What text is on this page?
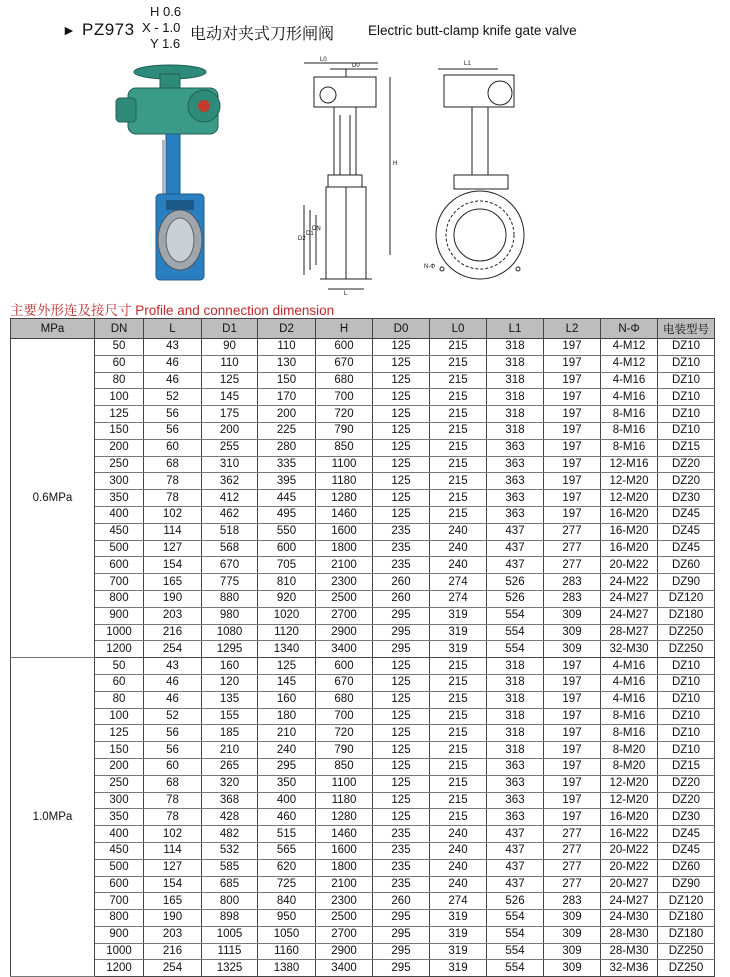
► PZ973
H 0.6
X - 1.0
Y 1.6
电动对夹式刀形闸阀	Electric butt-clamp knife gate valve
L0
D0
H
D2
D1
DN
L
L1
N-Φ
主要外形连及接尺寸 Profile and connection dimension
MPa	DN	L	D1	D2	H	D0	L0	L1	L2	N-Φ	电装型号
0.6MPa	50	43	90	110	600	125	215	318	197	4-M12	DZ10
	60	46	110	130	670	125	215	318	197	4-M12	DZ10
	80	46	125	150	680	125	215	318	197	4-M16	DZ10
	100	52	145	170	700	125	215	318	197	4-M16	DZ10
	125	56	175	200	720	125	215	318	197	8-M16	DZ10
	150	56	200	225	790	125	215	318	197	8-M16	DZ10
	200	60	255	280	850	125	215	363	197	8-M16	DZ15
	250	68	310	335	1100	125	215	363	197	12-M16	DZ20
	300	78	362	395	1180	125	215	363	197	12-M20	DZ20
	350	78	412	445	1280	125	215	363	197	12-M20	DZ30
	400	102	462	495	1460	125	215	363	197	16-M20	DZ45
	450	114	518	550	1600	235	240	437	277	16-M20	DZ45
	500	127	568	600	1800	235	240	437	277	16-M20	DZ45
	600	154	670	705	2100	235	240	437	277	20-M22	DZ60
	700	165	775	810	2300	260	274	526	283	24-M22	DZ90
	800	190	880	920	2500	260	274	526	283	24-M27	DZ120
	900	203	980	1020	2700	295	319	554	309	24-M27	DZ180
	1000	216	1080	1120	2900	295	319	554	309	28-M27	DZ250
	1200	254	1295	1340	3400	295	319	554	309	32-M30	DZ250
1.0MPa	50	43	160	125	600	125	215	318	197	4-M16	DZ10
	60	46	120	145	670	125	215	318	197	4-M16	DZ10
	80	46	135	160	680	125	215	318	197	4-M16	DZ10
	100	52	155	180	700	125	215	318	197	8-M16	DZ10
	125	56	185	210	720	125	215	318	197	8-M16	DZ10
	150	56	210	240	790	125	215	318	197	8-M20	DZ10
	200	60	265	295	850	125	215	363	197	8-M20	DZ15
	250	68	320	350	1100	125	215	363	197	12-M20	DZ20
	300	78	368	400	1180	125	215	363	197	12-M20	DZ20
	350	78	428	460	1280	125	215	363	197	16-M20	DZ30
	400	102	482	515	1460	235	240	437	277	16-M22	DZ45
	450	114	532	565	1600	235	240	437	277	20-M22	DZ45
	500	127	585	620	1800	235	240	437	277	20-M22	DZ60
	600	154	685	725	2100	235	240	437	277	20-M27	DZ90
	700	165	800	840	2300	260	274	526	283	24-M27	DZ120
	800	190	898	950	2500	295	319	554	309	24-M30	DZ180
	900	203	1005	1050	2700	295	319	554	309	28-M30	DZ180
	1000	216	1115	1160	2900	295	319	554	309	28-M30	DZ250
	1200	254	1325	1380	3400	295	319	554	309	32-M36	DZ250
